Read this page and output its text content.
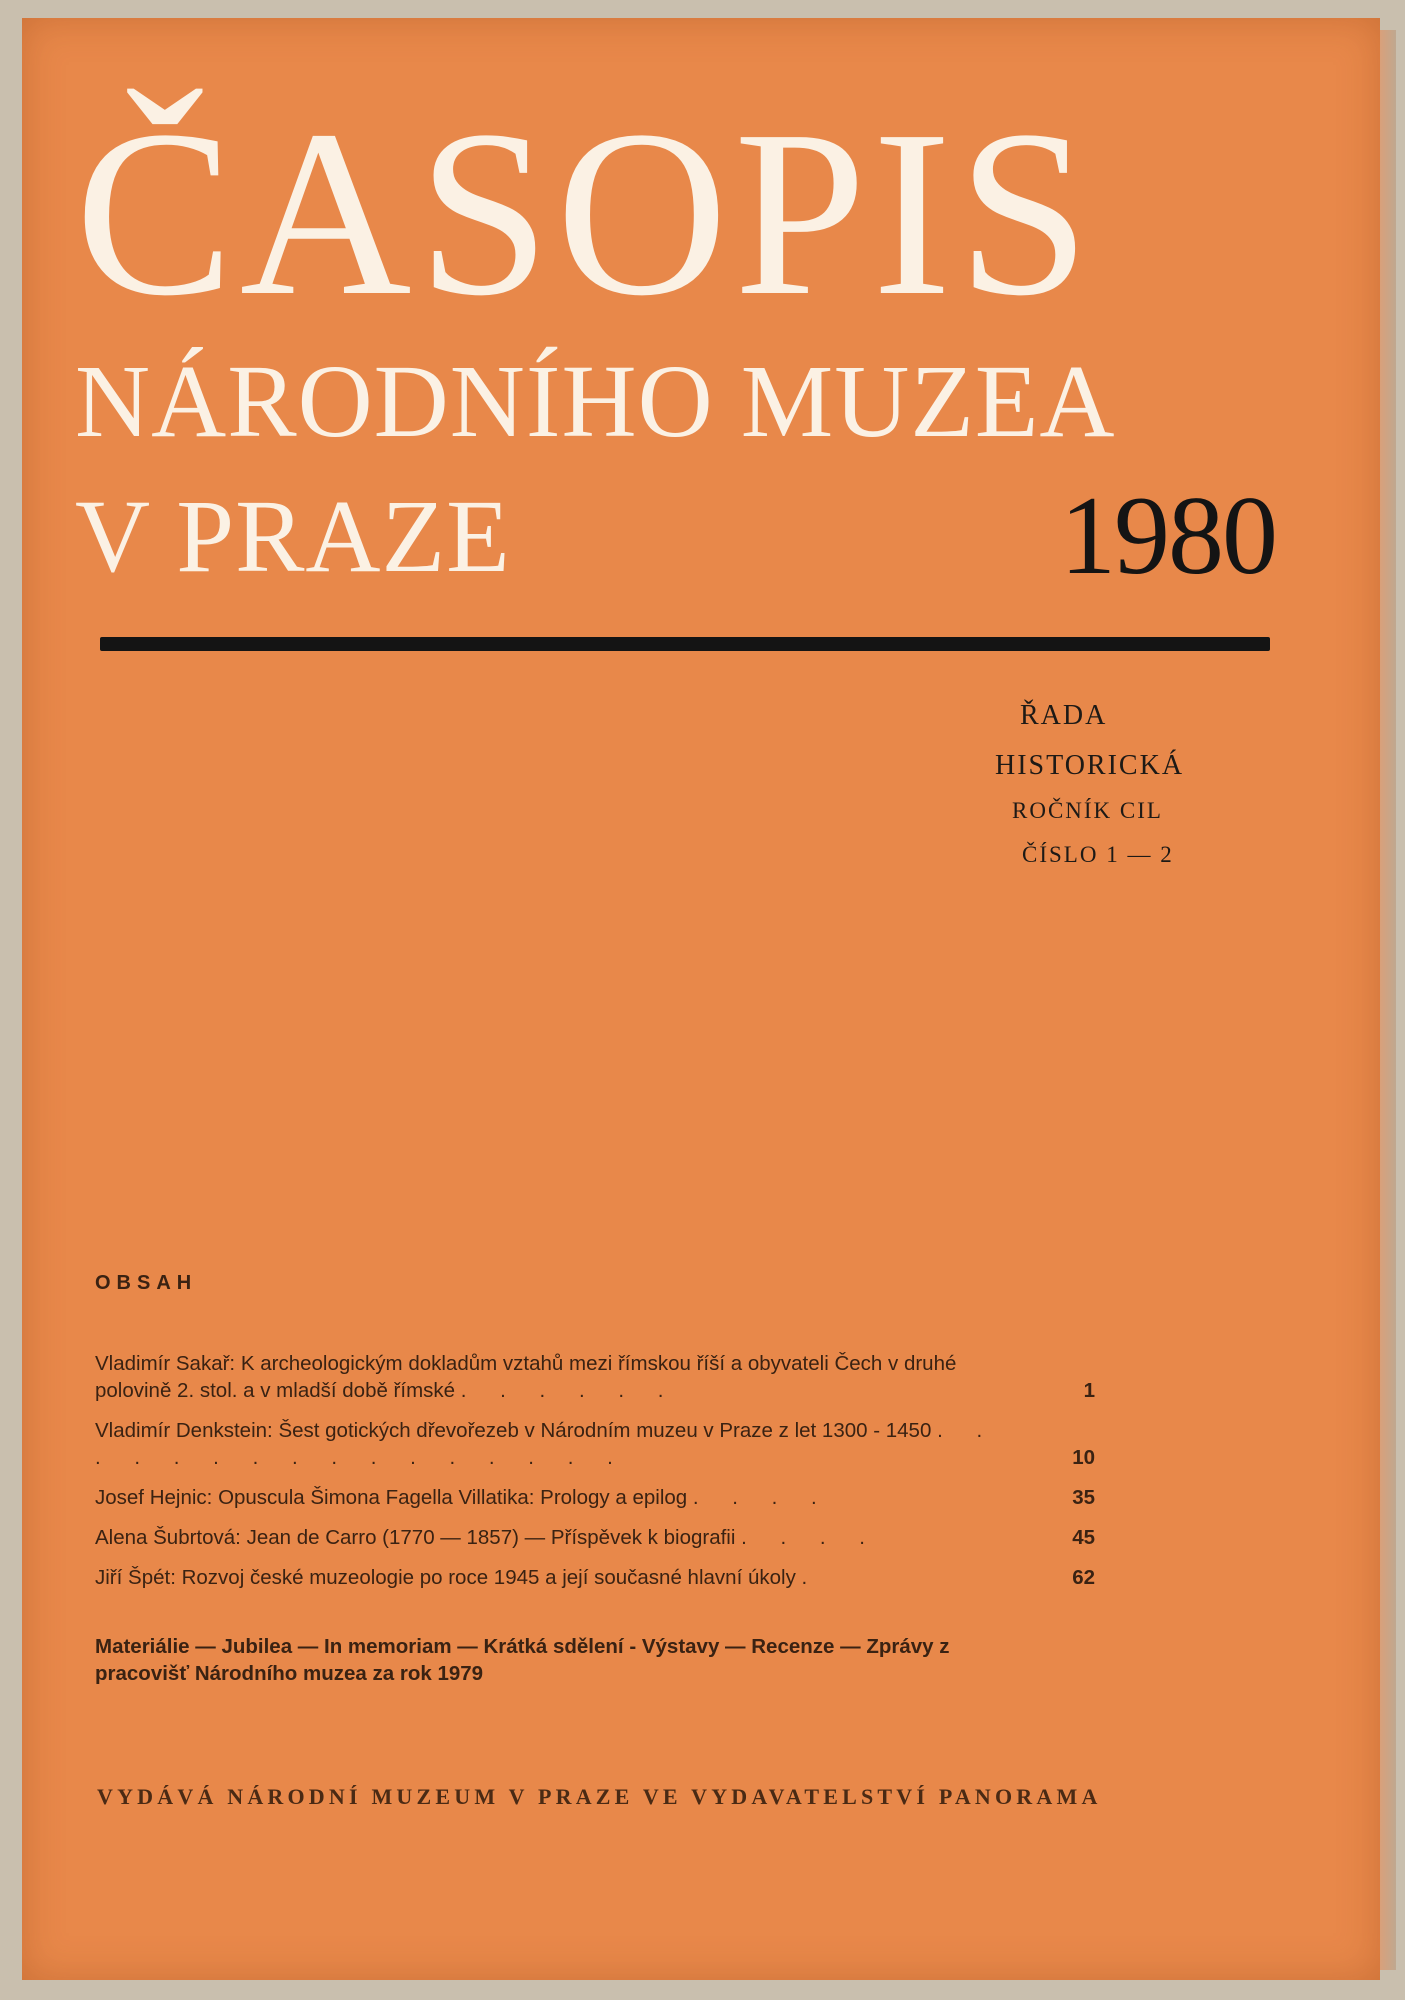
ČASOPIS
NÁRODNÍHO MUZEA
V PRAZE	1980
ŘADA
HISTORICKÁ
ROČNÍK CIL
ČÍSLO 1 — 2
OBSAH
Vladimír Sakař: K archeologickým dokladům vztahů mezi římskou říší a obyvateli Čech v druhé polovině 2. stol. a v mladší době římské . . . . . .	1
Vladimír Denkstein: Šest gotických dřevořezeb v Národním muzeu v Praze z let 1300 - 1450 . . . . . . . . . . . . . . . .	10
Josef Hejnic: Opuscula Šimona Fagella Villatika: Prology a epilog . . . .	35
Alena Šubrtová: Jean de Carro (1770 — 1857) — Příspěvek k biografii . . . .	45
Jiří Špét: Rozvoj české muzeologie po roce 1945 a její současné hlavní úkoly .	62
Materiálie — Jubilea — In memoriam — Krátká sdělení - Výstavy — Recenze — Zprávy z pracovišť Národního muzea za rok 1979
VYDÁVÁ NÁRODNÍ MUZEUM V PRAZE VE VYDAVATELSTVÍ PANORAMA
